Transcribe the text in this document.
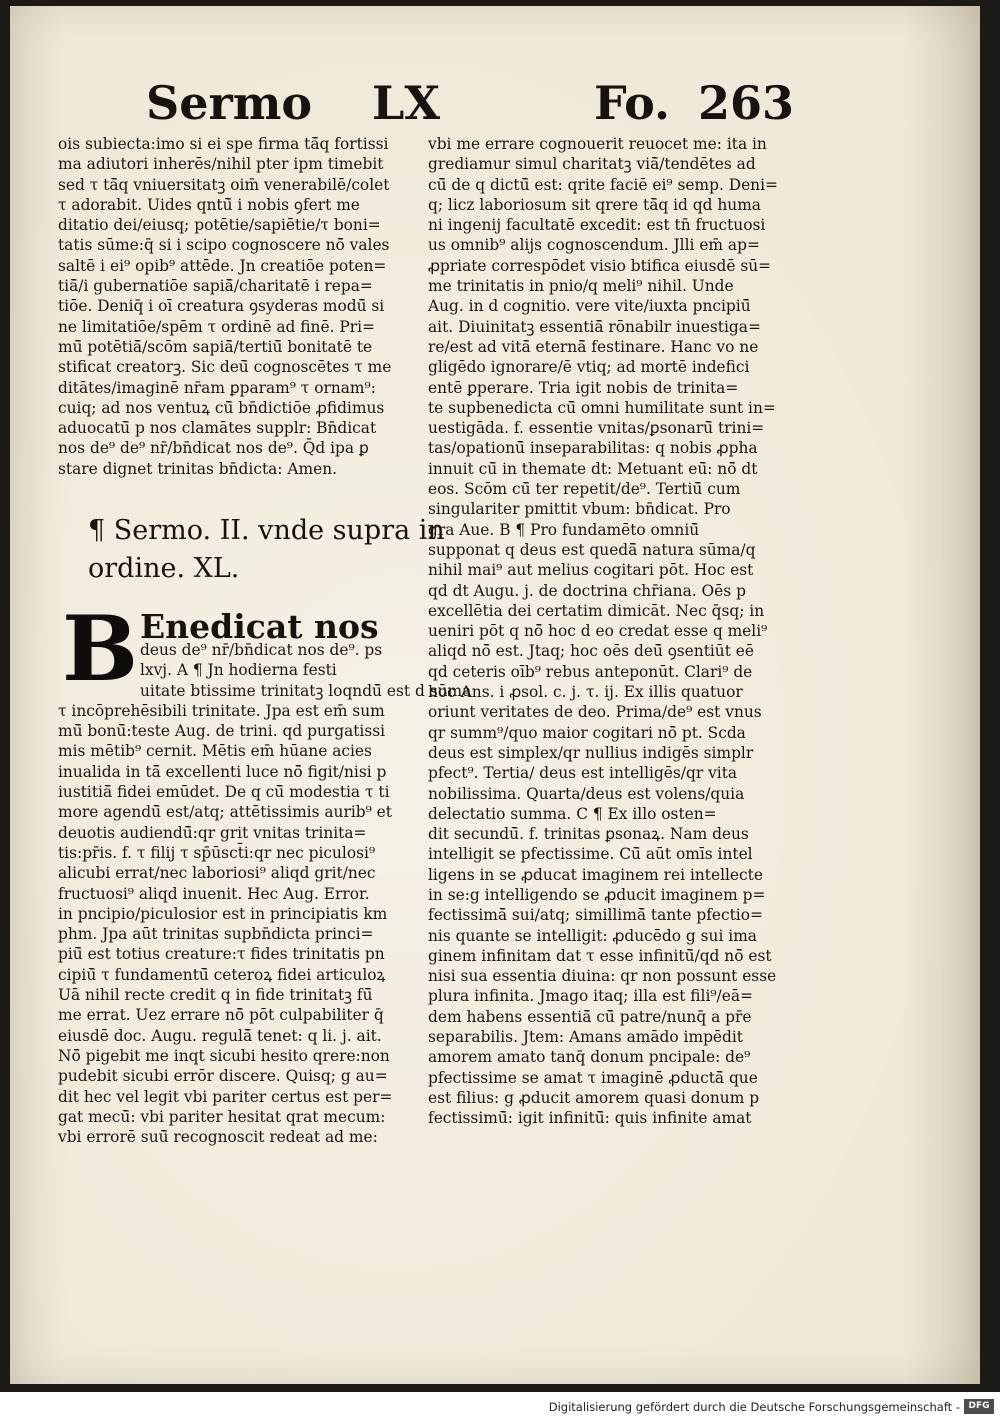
Sermo LX	Fo. 263
ois subiecta:imo si ei spe firma tā̄q fortissi
ma adiutori inherēs/nihil pter ipm timebit
sed τ tā̄q vniuersitatꝫ oim̄ venerabilē/colet
τ adorabit. Uides qntū̄ i nobis ꝯfert me
ditatio dei/eiusq; potētie/sapiētie/τ boni=
tatis sūme:q̄ si i scipo cognoscere nō̄ vales
saltē i ei⁹ opib⁹ attēde. Jn creatiōe poten=
tiā̄/i gubernatiōe sapiā̄/charitatē i repa=
tiōe. Deniq̄ i oī creatura ꝯsyderas modū̄ si
ne limitatiōe/spēm τ ordinē ad finē. Pri=
mū̄ potētiā̄/scōm sapiā̄/tertiū̄ bonitatē te
stificat creatorꝫ. Sic deū̄ cognoscētes τ me
ditātes/imaginē nr̄am ꝑparam⁹ τ ornam⁹:
cuiq; ad nos ventuꝝ cū̄ bn̄dictiōe ꝓfidimus
aduocatū̄ p nos clamātes supplr: Bn̄dicat
nos de⁹ de⁹ nr̄/bn̄dicat nos de⁹. Q̄d ipa ꝑ
stare dignet trinitas bn̄dicta: Amen.
¶ Sermo. II. vnde supra in
ordine. XL.
B Enedicat nos
deus de⁹ nr̄/bn̄dicat nos de⁹. ps
lxvj. A ¶ Jn hodierna festi
uitate btissime trinitatꝫ loqndū̄ est d sūma
τ incōprehēsibili trinitate. Jpa est em̄ sum
mū̄ bonū̄:teste Aug. de trini. qd purgatissi
mis mētib⁹ cernit. Mētis em̄ hūane acies
inualida in tā̄ excellenti luce nō̄ figit/nisi p
iustitiā̄ fidei emūdet. De q cū̄ modestia τ ti
more agendū̄ est/atq; attētissimis aurib⁹ et
deuotis audiendū̄:qr grit vnitas trinita=
tis:pr̄is. f. τ filij τ sp̄ūsct̄i:qr nec piculosi⁹
alicubi errat/nec laboriosi⁹ aliqd grit/nec
fructuosi⁹ aliqd inuenit. Hec Aug. Error.
in pncipio/piculosior est in principiatis km
phm. Jpa aūt trinitas supbn̄dicta princi=
piū̄ est totius creature:τ fides trinitatis pn
cipiū̄ τ fundamentū̄ ceteroꝝ fidei articuloꝝ
Uā nihil recte credit q in fide trinitatꝫ fū̄
me errat. Uez errare nō̄ pōt culpabiliter q̄
eiusdē doc. Augu. regulā̄ tenet: q li. j. ait.
Nō̄ pigebit me inqt sicubi hesito qrere:non
pudebit sicubi errōr discere. Quisq; g au=
dit hec vel legit vbi pariter certus est per=
gat mecū̄: vbi pariter hesitat qrat mecum:
vbi errorē suū̄ recognoscit redeat ad me:
vbi me errare cognouerit reuocet me: ita in
grediamur simul charitatꝫ viā̄/tendētes ad
cū̄ de q dictū̄ est: qrite faciē ei⁹ semp. Deni=
q; licz laboriosum sit qrere tā̄q id qd huma
ni ingenij facultatē excedit: est tn̄ fructuosi
us omnib⁹ alijs cognoscendum. Jlli em̄ ap=
ꝓpriate correspōdet visio btifica eiusdē sū=
me trinitatis in pnio/q meli⁹ nihil. Unde
Aug. in d cognitio. vere vite/iuxta pncipiū̄
ait. Diuinitatꝫ essentiā̄ rōnabilr inuestiga=
re/est ad vitā̄ eternā̄ festinare. Hanc vo ne
gligēdo ignorare/ē vtiq; ad mortē indefici
entē ꝑperare. Tria igit nobis de trinita=
te supbenedicta cū̄ omni humilitate sunt in=
uestigāda. f. essentie vnitas/ꝑsonarū̄ trini=
tas/opationū̄ inseparabilitas: q nobis ꝓpha
innuit cū̄ in themate dt: Metuant eū̄: nō̄ dt
eos. Scōm cū̄ ter repetit/de⁹. Tertiū̄ cum
singulariter pmittit vbum: bn̄dicat. Pro
gra Aue. B ¶ Pro fundamēto omniū̄
supponat q deus est quedā̄ natura sūma/q
nihil mai⁹ aut melius cogitari pōt. Hoc est
qd dt Augu. j. de doctrina chr̄iana. Oēs p
excellētia dei certatim dimicāt. Nec q̄sq; in
ueniri pōt q nō̄ hoc d eo credat esse q meli⁹
aliqd nō̄ est. Jtaq; hoc oēs deū̄ ꝯsentiūt eē
qd ceteris oīb⁹ rebus anteponūt. Clari⁹ de
hoc Ans. i ꝓsol. c. j. τ. ij. Ex illis quatuor
oriunt veritates de deo. Prima/de⁹ est vnus
qr summ⁹/quo maior cogitari nō̄ pt. Scda
deus est simplex/qr nullius indigēs simplr
pfect⁹. Tertia/ deus est intelligēs/qr vita
nobilissima. Quarta/deus est volens/quia
delectatio summa. C ¶ Ex illo osten=
dit secundū̄. f. trinitas ꝑsonaꝝ. Nam deus
intelligit se pfectissime. Cū̄ aūt omīs intel
ligens in se ꝓducat imaginem rei intellecte
in se:g intelligendo se ꝓducit imaginem p=
fectissimā̄ sui/atq; simillimā̄ tante pfectio=
nis quante se intelligit: ꝓducēdo g sui ima
ginem infinitam dat τ esse infinitū̄/qd nō̄ est
nisi sua essentia diuina: qr non possunt esse
plura infinita. Jmago itaq; illa est fili⁹/eā=
dem habens essentiā̄ cū̄ patre/nunq̄ a pr̄e
separabilis. Jtem: Amans amādo impēdit
amorem amato tanq̄ donum pncipale: de⁹
pfectissime se amat τ imaginē ꝓductā̄ que
est filius: g ꝓducit amorem quasi donum p
fectissimū̄: igit infinitū̄: quis infinite amat
Digitalisierung gefördert durch die Deutsche Forschungsgemeinschaft - DFG
